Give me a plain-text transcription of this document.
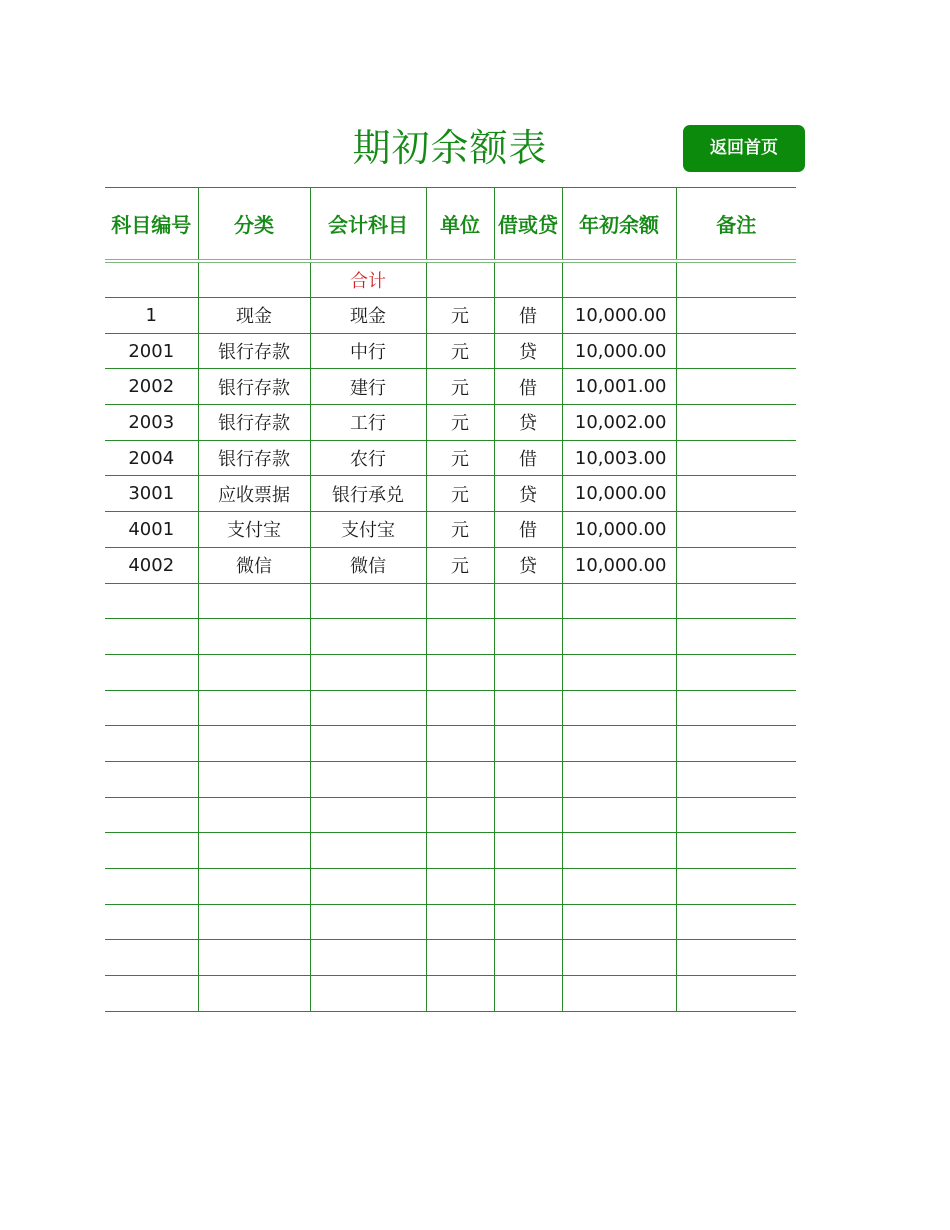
期初余额表	返回首页
科目编号	分类	会计科目	单位	借或贷	年初余额	备注
		合计				
1	现金	现金	元	借	10,000.00	
2001	银行存款	中行	元	贷	10,000.00	
2002	银行存款	建行	元	借	10,001.00	
2003	银行存款	工行	元	贷	10,002.00	
2004	银行存款	农行	元	借	10,003.00	
3001	应收票据	银行承兑	元	贷	10,000.00	
4001	支付宝	支付宝	元	借	10,000.00	
4002	微信	微信	元	贷	10,000.00	
